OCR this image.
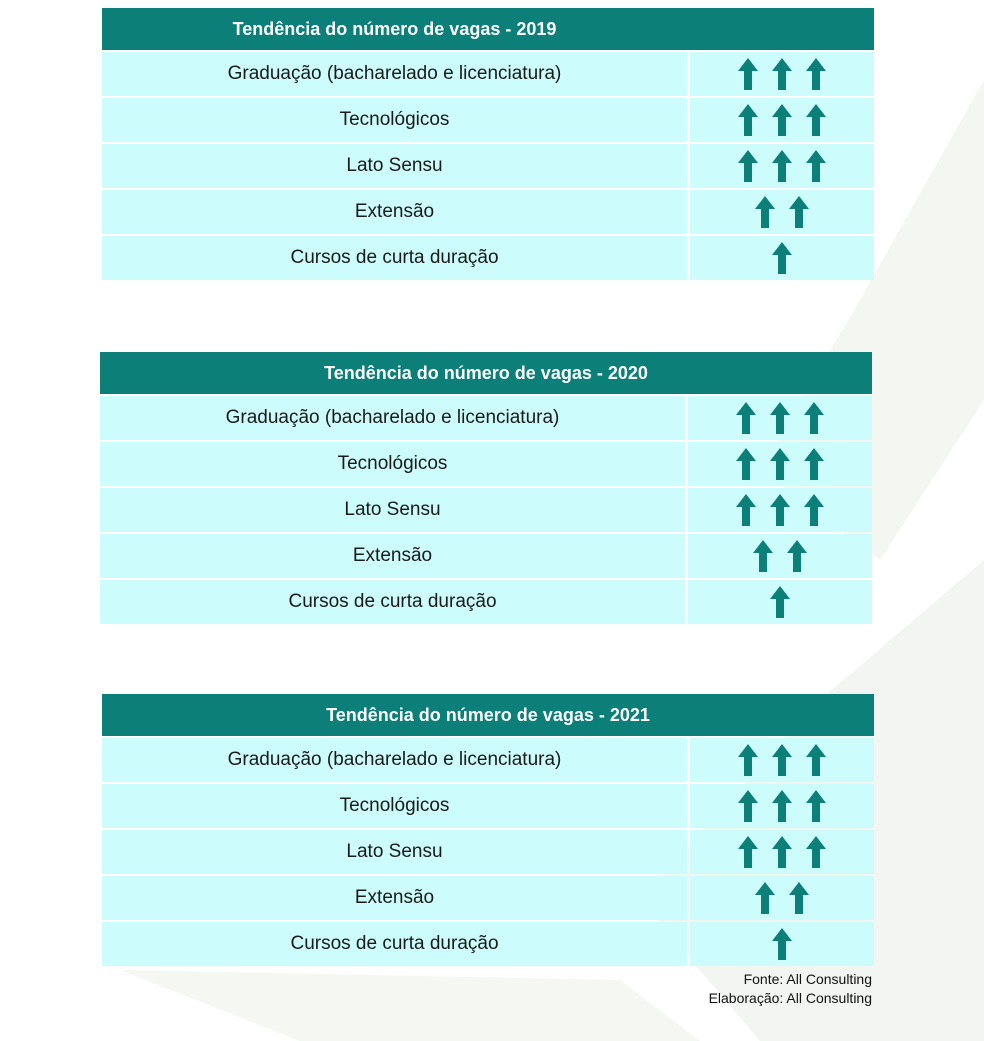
Tendência do número de vagas - 2019
Graduação (bacharelado e licenciatura)
Tecnológicos
Lato Sensu
Extensão
Cursos de curta duração
Tendência do número de vagas - 2020
Graduação (bacharelado e licenciatura)
Tecnológicos
Lato Sensu
Extensão
Cursos de curta duração
Tendência do número de vagas - 2021
Graduação (bacharelado e licenciatura)
Tecnológicos
Lato Sensu
Extensão
Cursos de curta duração
Fonte: All Consulting
Elaboração: All Consulting
